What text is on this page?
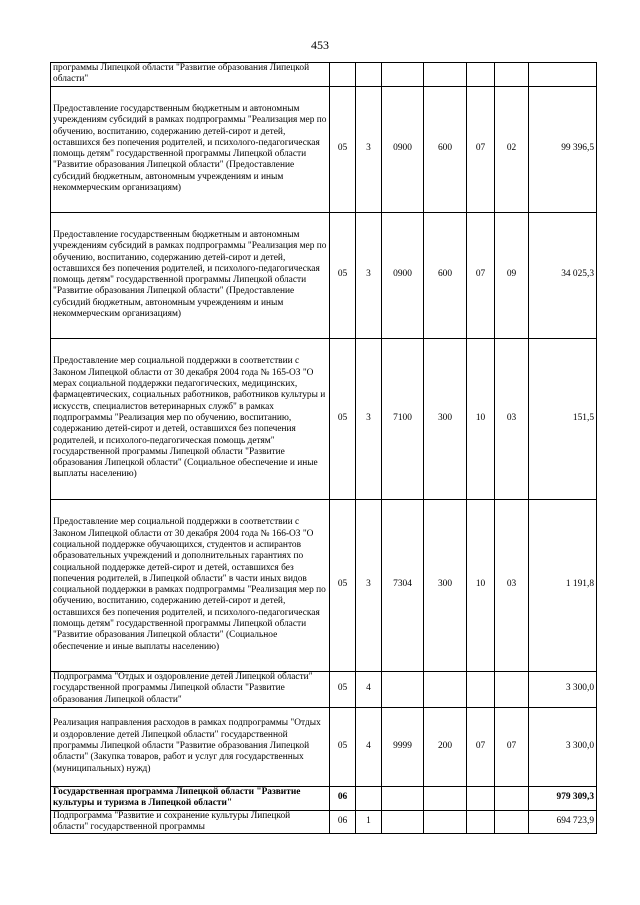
453
программы Липецкой области "Развитие образования Липецкой области"							
Предоставление государственным бюджетным и автономным учреждениям субсидий в рамках подпрограммы "Реализация мер по обучению, воспитанию, содержанию детей-сирот и детей, оставшихся без попечения родителей, и психолого-педагогическая помощь детям" государственной программы Липецкой области "Развитие образования Липецкой области" (Предоставление субсидий бюджетным, автономным учреждениям и иным некоммерческим организациям)	05	3	0900	600	07	02	99 396,5
Предоставление государственным бюджетным и автономным учреждениям субсидий в рамках подпрограммы "Реализация мер по обучению, воспитанию, содержанию детей-сирот и детей, оставшихся без попечения родителей, и психолого-педагогическая помощь детям" государственной программы Липецкой области "Развитие образования Липецкой области" (Предоставление субсидий бюджетным, автономным учреждениям и иным некоммерческим организациям)	05	3	0900	600	07	09	34 025,3
Предоставление мер социальной поддержки в соответствии с Законом Липецкой области от 30 декабря 2004 года № 165-ОЗ "О мерах социальной поддержки педагогических, медицинских, фармацевтических, социальных работников, работников культуры и искусств, специалистов ветеринарных служб" в рамках подпрограммы "Реализация мер по обучению, воспитанию, содержанию детей-сирот и детей, оставшихся без попечения родителей, и психолого-педагогическая помощь детям" государственной программы Липецкой области "Развитие образования Липецкой области" (Социальное обеспечение и иные выплаты населению)	05	3	7100	300	10	03	151,5
Предоставление мер социальной поддержки в соответствии с Законом Липецкой области от 30 декабря 2004 года № 166-ОЗ "О социальной поддержке обучающихся, студентов и аспирантов образовательных учреждений и дополнительных гарантиях по социальной поддержке детей-сирот и детей, оставшихся без попечения родителей, в Липецкой области" в части иных видов социальной поддержки в рамках подпрограммы "Реализация мер по обучению, воспитанию, содержанию детей-сирот и детей, оставшихся без попечения родителей, и психолого-педагогическая помощь детям" государственной программы Липецкой области "Развитие образования Липецкой области" (Социальное обеспечение и иные выплаты населению)	05	3	7304	300	10	03	1 191,8
Подпрограмма "Отдых и оздоровление детей Липецкой области" государственной программы Липецкой области "Развитие образования Липецкой области"	05	4					3 300,0
Реализация направления расходов в рамках подпрограммы "Отдых и оздоровление детей Липецкой области" государственной программы Липецкой области "Развитие образования Липецкой области" (Закупка товаров, работ и услуг для государственных (муниципальных) нужд)	05	4	9999	200	07	07	3 300,0
Государственная программа Липецкой области "Развитие культуры и туризма в Липецкой области"	06						979 309,3
Подпрограмма "Развитие и сохранение культуры Липецкой области" государственной программы	06	1					694 723,9
